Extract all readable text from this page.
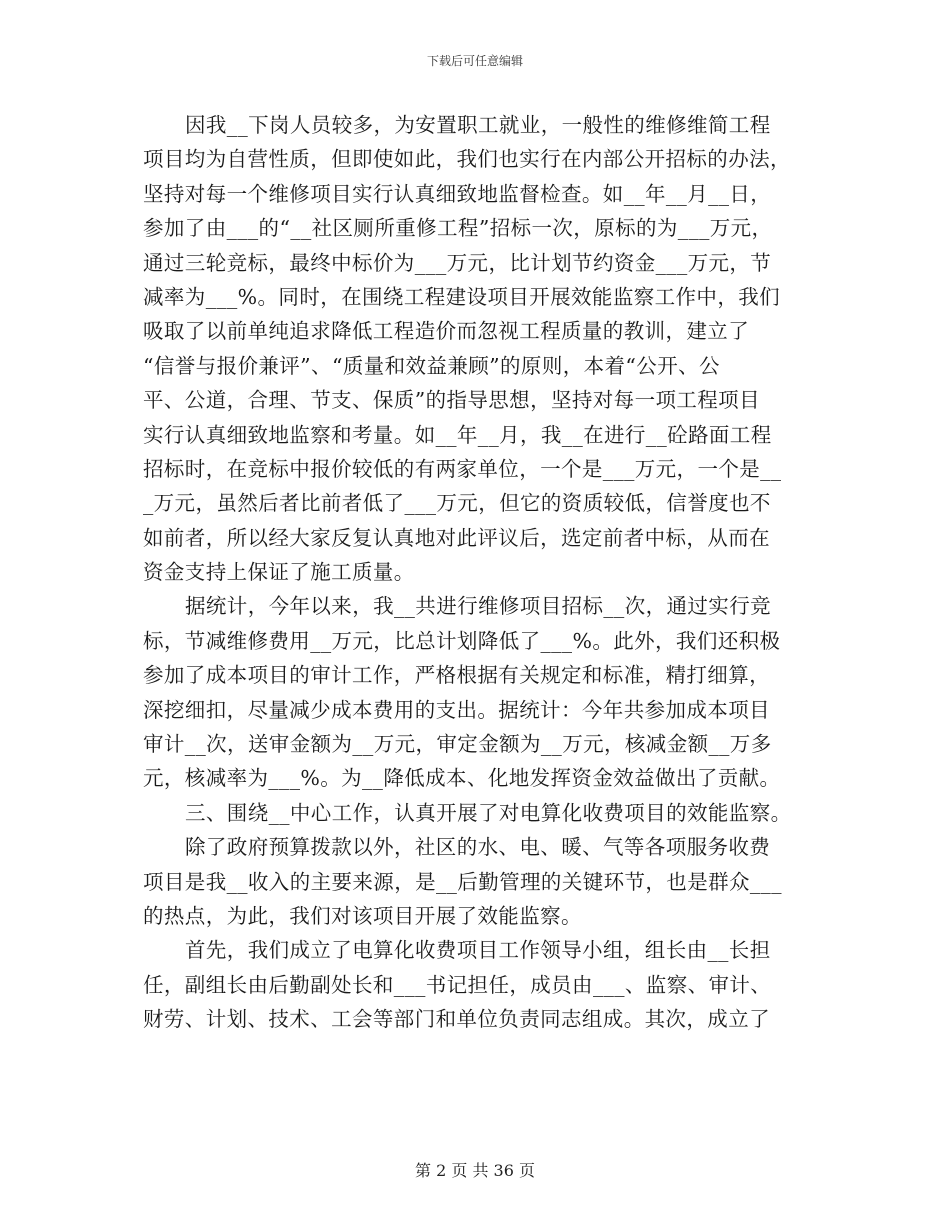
下载后可任意编辑
因我__下岗人员较多，为安置职工就业，一般性的维修维简工程
项目均为自营性质，但即使如此，我们也实行在内部公开招标的办法，
坚持对每一个维修项目实行认真细致地监督检查。如__年__月__日，
参加了由___的“__社区厕所重修工程”招标一次，原标的为___万元，
通过三轮竞标，最终中标价为___万元，比计划节约资金___万元，节
减率为___%。同时，在围绕工程建设项目开展效能监察工作中，我们
吸取了以前单纯追求降低工程造价而忽视工程质量的教训，建立了
“信誉与报价兼评”、“质量和效益兼顾”的原则，本着“公开、公
平、公道，合理、节支、保质”的指导思想，坚持对每一项工程项目
实行认真细致地监察和考量。如__年__月，我__在进行__砼路面工程
招标时，在竞标中报价较低的有两家单位，一个是___万元，一个是__
_万元，虽然后者比前者低了___万元，但它的资质较低，信誉度也不
如前者，所以经大家反复认真地对此评议后，选定前者中标，从而在
资金支持上保证了施工质量。
据统计，今年以来，我__共进行维修项目招标__次，通过实行竞
标，节减维修费用__万元，比总计划降低了___%。此外，我们还积极
参加了成本项目的审计工作，严格根据有关规定和标准，精打细算，
深挖细扣，尽量减少成本费用的支出。据统计：今年共参加成本项目
审计__次，送审金额为__万元，审定金额为__万元，核减金额__万多
元，核减率为___%。为__降低成本、化地发挥资金效益做出了贡献。
三、围绕__中心工作，认真开展了对电算化收费项目的效能监察。
除了政府预算拨款以外，社区的水、电、暖、气等各项服务收费
项目是我__收入的主要来源，是__后勤管理的关键环节，也是群众___
的热点，为此，我们对该项目开展了效能监察。
首先，我们成立了电算化收费项目工作领导小组，组长由__长担
任，副组长由后勤副处长和___书记担任，成员由___、监察、审计、
财劳、计划、技术、工会等部门和单位负责同志组成。其次，成立了
第 2 页 共 36 页
